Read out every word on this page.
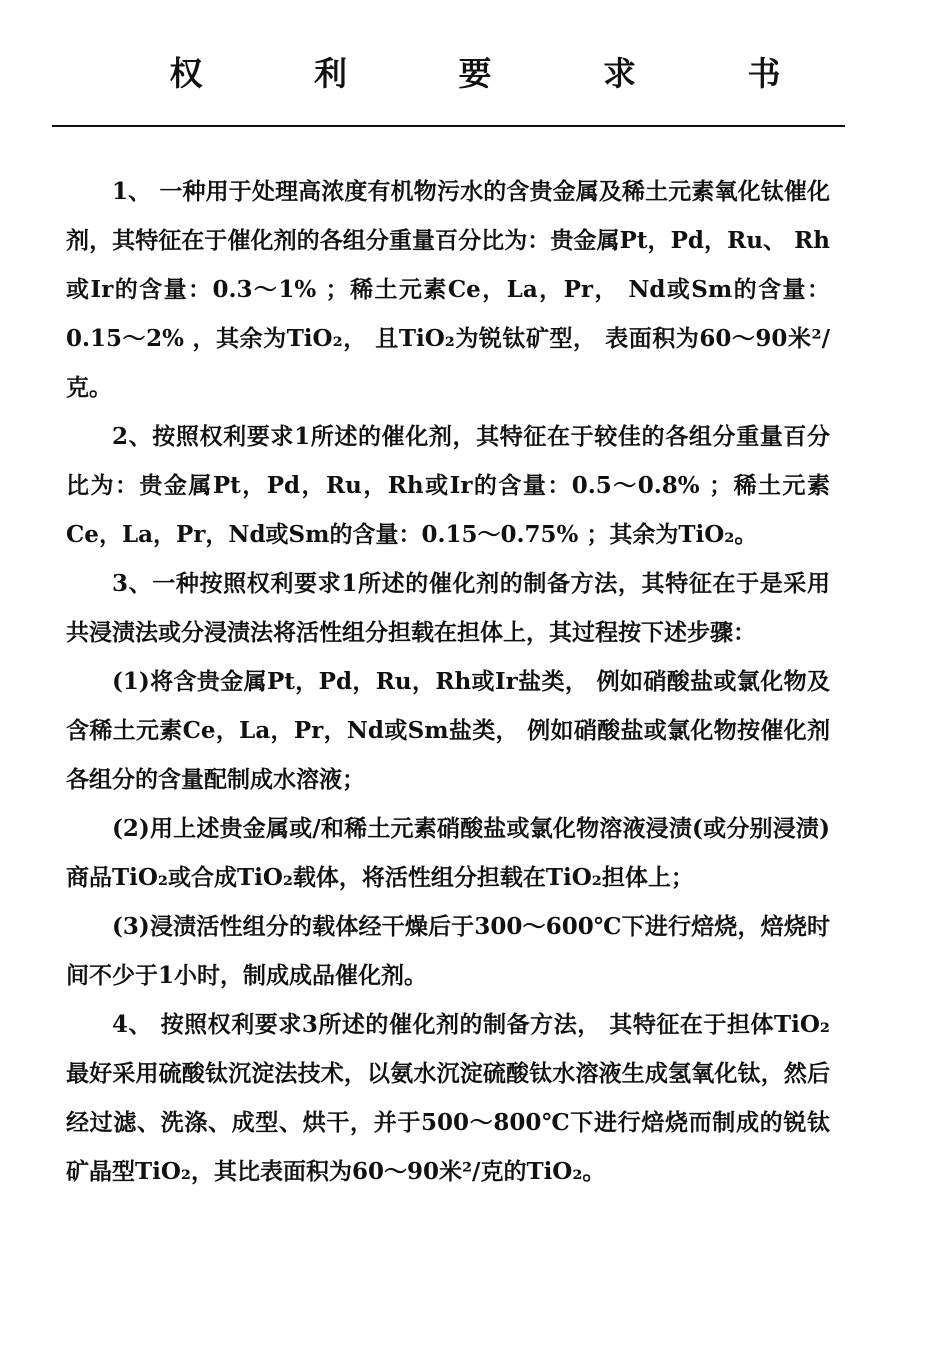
权 利 要 求 书

1、 一种用于处理高浓度有机物污水的含贵金属及稀土元素氧化钛催化剂，其特征在于催化剂的各组分重量百分比为：贵金属Pt，Pd，Ru、 Rh或Ir的含量：0.3～1% ；稀土元素Ce，La，Pr， Nd或Sm的含量：0.15～2% ，其余为TiO₂， 且TiO₂为锐钛矿型， 表面积为60～90米²/克。

2、按照权利要求1所述的催化剂，其特征在于较佳的各组分重量百分比为：贵金属Pt，Pd，Ru，Rh或Ir的含量：0.5～0.8% ；稀土元素Ce，La，Pr，Nd或Sm的含量：0.15～0.75% ；其余为TiO₂。

3、一种按照权利要求1所述的催化剂的制备方法，其特征在于是采用共浸渍法或分浸渍法将活性组分担载在担体上，其过程按下述步骤：

(1)将含贵金属Pt，Pd，Ru，Rh或Ir盐类， 例如硝酸盐或氯化物及含稀土元素Ce，La，Pr，Nd或Sm盐类， 例如硝酸盐或氯化物按催化剂各组分的含量配制成水溶液；

(2)用上述贵金属或/和稀土元素硝酸盐或氯化物溶液浸渍(或分别浸渍)商品TiO₂或合成TiO₂载体，将活性组分担载在TiO₂担体上；

(3)浸渍活性组分的载体经干燥后于300～600℃下进行焙烧，焙烧时间不少于1小时，制成成品催化剂。

4、 按照权利要求3所述的催化剂的制备方法， 其特征在于担体TiO₂最好采用硫酸钛沉淀法技术，以氨水沉淀硫酸钛水溶液生成氢氧化钛，然后经过滤、洗涤、成型、烘干，并于500～800℃下进行焙烧而制成的锐钛矿晶型TiO₂，其比表面积为60～90米²/克的TiO₂。
